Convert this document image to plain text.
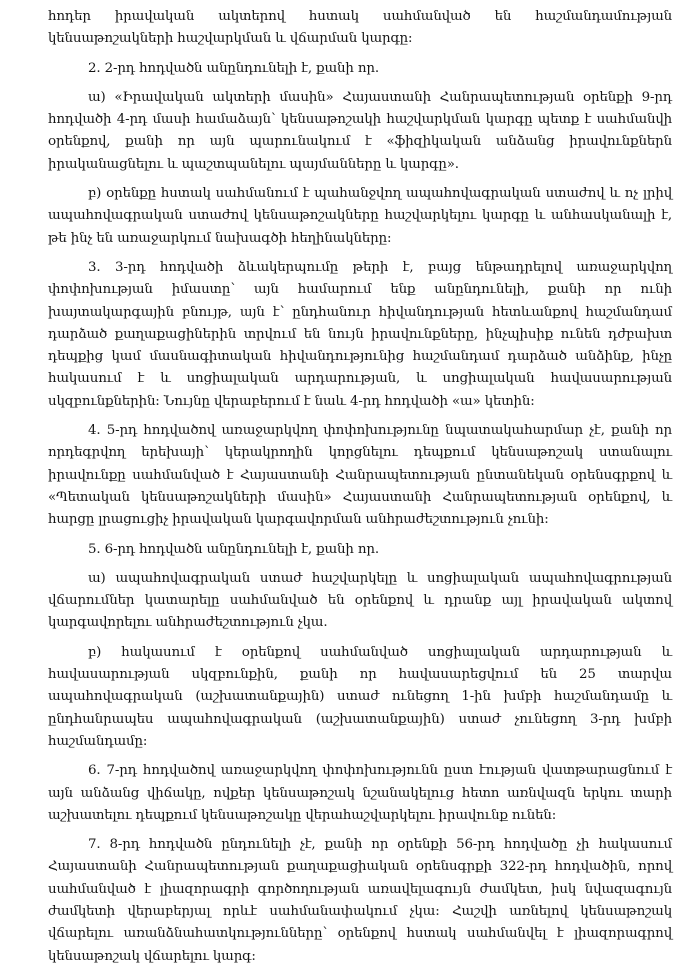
հոդեր իրավական ակտերով հստակ սահմանված են հաշմանդամության կենսաթոշակների հաշվարկման և վճարման կարգը:

2. 2-րդ հոդվածն անընդունելի է, քանի որ.

ա) «Իրավական ակտերի մասին» Հայաստանի Հանրապետության օրենքի 9-րդ հոդվածի 4-րդ մասի համաձայն՝ կենսաթոշակի հաշվարկման կարգը պետք է սահմանվի օրենքով, քանի որ այն պարունակում է «ֆիզիկական անձանց իրավունքներն իրականացնելու և պաշտպանելու պայմանները և կարգը».

բ) օրենքը հստակ սահմանում է պահանջվող ապահովագրական ստաժով և ոչ լրիվ ապահովագրական ստաժով կենսաթոշակները հաշվարկելու կարգը և անհասկանալի է, թե ինչ են առաջարկում նախագծի հեղինակները:

3. 3-րդ հոդվածի ձևակերպումը թերի է, բայց ենթադրելով առաջարկվող փոփոխության իմաստը՝ այն համարում ենք անընդունելի, քանի որ ունի խայտակարգային բնույթ, այն է՝ ընդհանուր հիվանդության հետևանքով հաշմանդամ դարձած քաղաքացիներին տրվում են նույն իրավունքները, ինչպիսիք ունեն դժբախտ դեպքից կամ մասնագիտական հիվանդությունից հաշմանդամ դարձած անձինք, ինչը հակասում է և սոցիալական արդարության, և սոցիալական հավասարության սկզբունքներին: Նույնը վերաբերում է նաև 4-րդ հոդվածի «ա» կետին:

4. 5-րդ հոդվածով առաջարկվող փոփոխությունը նպատակահարմար չէ, քանի որ որդեգրվող երեխայի՝ կերակրողին կորցնելու դեպքում կենսաթոշակ ստանալու իրավունքը սահմանված է Հայաստանի Հանրապետության ընտանեկան օրենսգրքով և «Պետական կենսաթոշակների մասին» Հայաստանի Հանրապետության օրենքով, և հարցը լրացուցիչ իրավական կարգավորման անհրաժեշտություն չունի:

5. 6-րդ հոդվածն անընդունելի է, քանի որ.

ա) ապահովագրական ստաժ հաշվարկելը և սոցիալական ապահովագրության վճարումներ կատարելը սահմանված են օրենքով և դրանք այլ իրավական ակտով կարգավորելու անհրաժեշտություն չկա.

բ) հակասում է օրենքով սահմանված սոցիալական արդարության և հավասարության սկզբունքին, քանի որ հավասարեցվում են 25 տարվա ապահովագրական (աշխատանքային) ստաժ ունեցող 1-ին խմբի հաշմանդամը և ընդհանրապես ապահովագրական (աշխատանքային) ստաժ չունեցող 3-րդ խմբի հաշմանդամը:

6. 7-րդ հոդվածով առաջարկվող փոփոխությունն ըստ էության վատթարացնում է այն անձանց վիճակը, ովքեր կենսաթոշակ նշանակելուց հետո առնվազն երկու տարի աշխատելու դեպքում կենսաթոշակը վերահաշվարկելու իրավունք ունեն:

7. 8-րդ հոդվածն ընդունելի չէ, քանի որ օրենքի 56-րդ հոդվածը չի հակասում Հայաստանի Հանրապետության քաղաքացիական օրենսգրքի 322-րդ հոդվածին, որով սահմանված է լիազորագրի գործողության առավելագույն ժամկետ, իսկ նվազագույն ժամկետի վերաբերյալ որևէ սահմանափակում չկա: Հաշվի առնելով կենսաթոշակ վճարելու առանձնահատկությունները՝ օրենքով հստակ սահմանվել է լիազորագրով կենսաթոշակ վճարելու կարգ:
